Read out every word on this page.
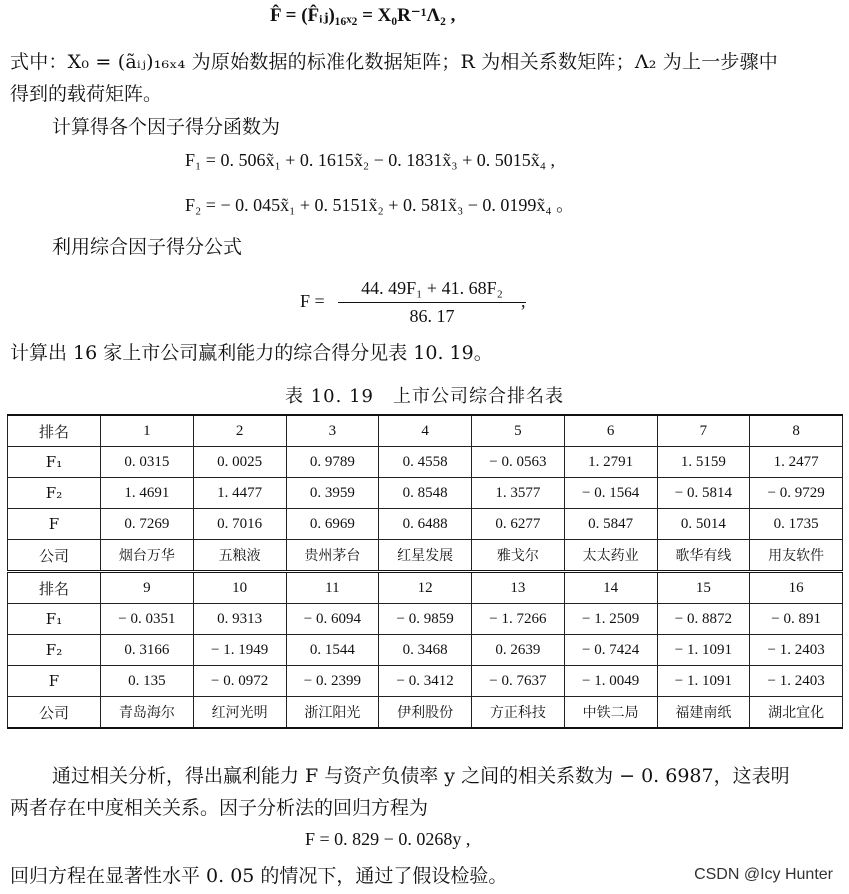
F̂ = (F̂ᵢⱼ)₁₆ₓ₂ = X₀R⁻¹Λ₂ ,
式中：X₀ = (ãᵢⱼ)₁₆ₓ₄ 为原始数据的标准化数据矩阵；R 为相关系数矩阵；Λ₂ 为上一步骤中
得到的载荷矩阵。
计算得各个因子得分函数为
F₁ = 0. 506x̃₁ + 0. 1615x̃₂ − 0. 1831x̃₃ + 0. 5015x̃₄ ,
F₂ = − 0. 045x̃₁ + 0. 5151x̃₂ + 0. 581x̃₃ − 0. 0199x̃₄ 。
利用综合因子得分公式
$F = \frac{\text{44. 49F₁ + 41. 68F₂}}{86. 17}$
,
计算出 16 家上市公司赢利能力的综合得分见表 10. 19。
表 10. 19　上市公司综合排名表
排名	1	2	3	4	5	6	7	8
F₁	0. 0315	0. 0025	0. 9789	0. 4558	− 0. 0563	1. 2791	1. 5159	1. 2477
F₂	1. 4691	1. 4477	0. 3959	0. 8548	1. 3577	− 0. 1564	− 0. 5814	− 0. 9729
F	0. 7269	0. 7016	0. 6969	0. 6488	0. 6277	0. 5847	0. 5014	0. 1735
公司	烟台万华	五粮液	贵州茅台	红星发展	雅戈尔	太太药业	歌华有线	用友软件
排名	9	10	11	12	13	14	15	16
F₁	− 0. 0351	0. 9313	− 0. 6094	− 0. 9859	− 1. 7266	− 1. 2509	− 0. 8872	− 0. 891
F₂	0. 3166	− 1. 1949	0. 1544	0. 3468	0. 2639	− 0. 7424	− 1. 1091	− 1. 2403
F	0. 135	− 0. 0972	− 0. 2399	− 0. 3412	− 0. 7637	− 1. 0049	− 1. 1091	− 1. 2403
公司	青岛海尔	红河光明	浙江阳光	伊利股份	方正科技	中铁二局	福建南纸	湖北宜化
通过相关分析，得出赢利能力 F 与资产负债率 y 之间的相关系数为 − 0. 6987，这表明
两者存在中度相关关系。因子分析法的回归方程为
F = 0. 829 − 0. 0268y ,
回归方程在显著性水平 0. 05 的情况下，通过了假设检验。	CSDN @Icy Hunter
